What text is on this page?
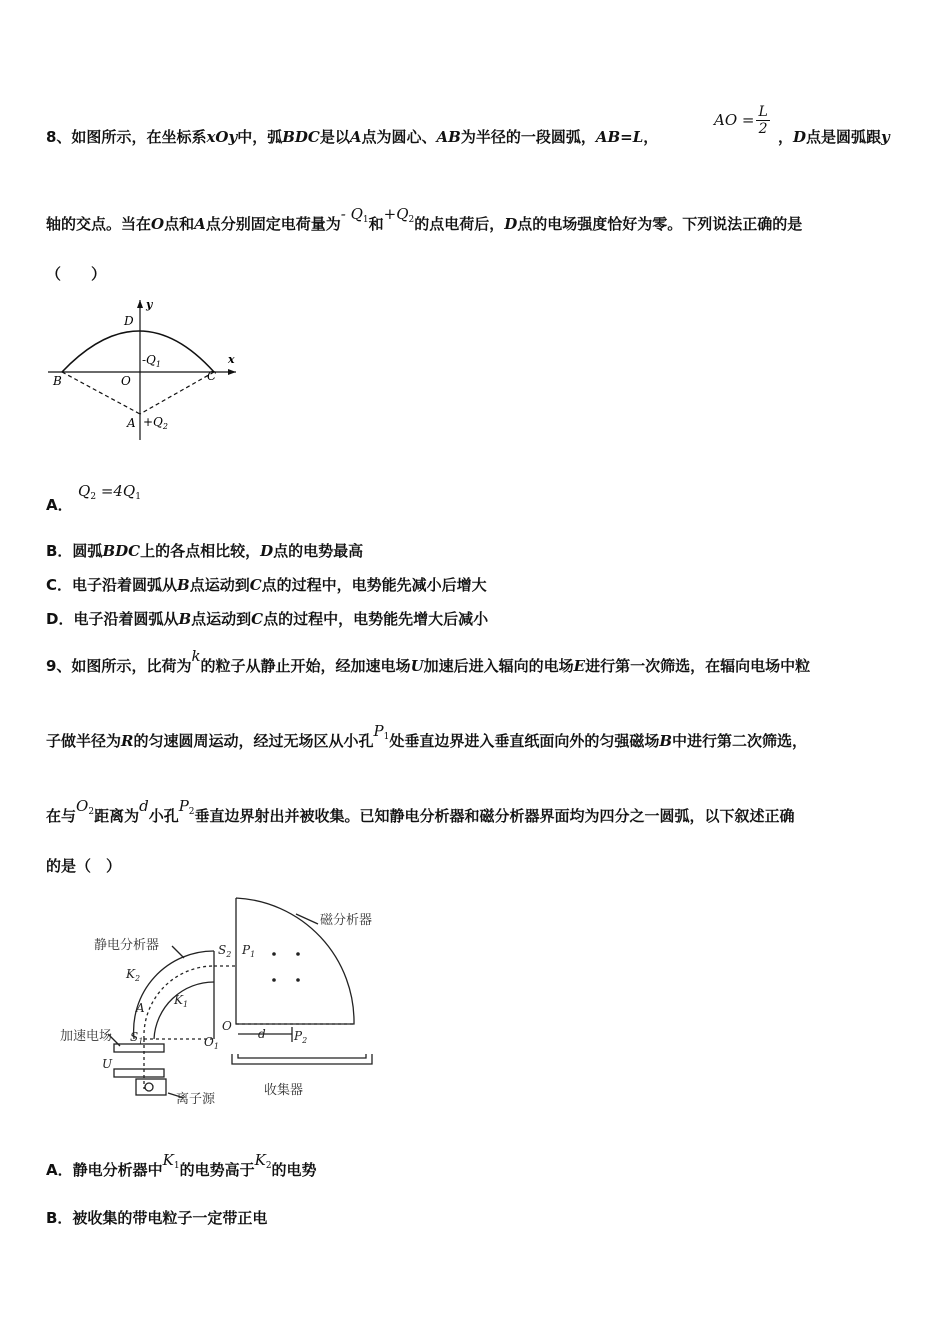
8、如图所示，在坐标系xOy中，弧BDC是以A点为圆心、AB为半径的一段圆弧，AB=L，
AO = $\frac{L}{2}$ ，D点是圆弧跟y
轴的交点。当在O点和A点分别固定电荷量为- $Q_1$和$+Q_2$的点电荷后，D点的电场强度恰好为零。下列说法正确的是
（　　）
y
x
D
$-Q_1$
B	O	C
$A +Q_2$
A．
$Q_2 =4Q_1$
B．圆弧BDC上的各点相比较，D点的电势最高
C．电子沿着圆弧从B点运动到C点的过程中，电势能先减小后增大
D．电子沿着圆弧从B点运动到C点的过程中，电势能先增大后减小
9、如图所示，比荷为k的粒子从静止开始，经加速电场U加速后进入辐向的电场E进行第一次筛选，在辐向电场中粒
子做半径为R的匀速圆周运动，经过无场区从小孔$P_1$处垂直边界进入垂直纸面向外的匀强磁场B中进行第二次筛选，
在与$O_2$距离为d小孔$P_2$垂直边界射出并被收集。已知静电分析器和磁分析器界面均为四分之一圆弧，以下叙述正确
的是（　）
磁分析器
静电分析器
加速电场
离子源
收集器
$S_2$ $P_1$
$K_2$
$K_1$
A
O
d $P_2$
$S_1$	$O_1$
U
A．静电分析器中$K_1$的电势高于$K_2$的电势
B．被收集的带电粒子一定带正电
